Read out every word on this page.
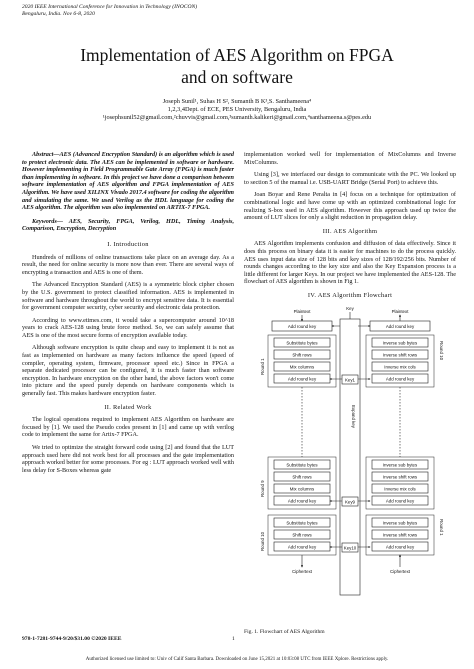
2020 IEEE International Conference for Innovation in Technology (INOCON)
Bengaluru, India. Nov 6-8, 2020
Implementation of AES Algorithm on FPGA
and on software
Joseph Sunil¹, Suhas H S², Sumanth B K³,S. Santhameena⁴
1,2,3,4Dept. of ECE, PES University, Bengaluru, India
¹josephsunil52@gmail.com,²chuvvis@gmail.com,³sumanth.kalikeri@gmail.com,⁴santhameena.s@pes.edu
Abstract—AES (Advanced Encryption Standard) is an algorithm which is used to protect electronic data. The AES can be implemented in software or hardware. However implementing in Field Programmable Gate Array (FPGA) is much faster than implementing in software. In this project we have done a comparison between software implementation of AES algorithm and FPGA implementation of AES Algorithm. We have used XILINX Vivado 2017.4 software for coding the algorithm and simulating the same. We used Verilog as the HDL language for coding the AES algorithm. The algorithm was also implemented on ARTIX-7 FPGA.
Keywords— AES, Security, FPGA, Verilog, HDL, Timing Analysis, Comparison, Encryption, Decryption
I. Introduction

Hundreds of millions of online transactions take place on an average day. As a result, the need for online security is more now than ever. There are several ways of encrypting a transaction and AES is one of them.

The Advanced Encryption Standard (AES) is a symmetric block cipher chosen by the U.S. government to protect classified information. AES is implemented in software and hardware throughout the world to encrypt sensitive data. It is essential for government computer security, cyber security and electronic data protection.

According to www.etimes.com, it would take a supercomputer around 10^18 years to crack AES-128 using brute force method. So, we can safely assume that AES is one of the most secure forms of encryption available today.

Although software encryption is quite cheap and easy to implement it is not as fast as implemented on hardware as many factors influence the speed (speed of compiler, operating system, firmware, processor speed etc.) Since in FPGA a separate dedicated processor can be configured, it is much faster than software encryption. In hardware encryption on the other hand, the above factors won't come into picture and the speed purely depends on hardware components which is generally fast. This makes hardware encryption faster.

II. Related Work

The logical operations required to implement AES Algorithm on hardware are focused by [1]. We used the Pseudo codes present in [1] and came up with verilog code to implement the same for Artix-7 FPGA.

We tried to optimize the straight forward code using [2] and found that the LUT approach used here did not work best for all processes and the gate implementation approach worked better for some processes. For eg : LUT approach worked well with less delay for S-Boxes whereas gate

implementation worked well for implementation of MixColumns and Inverse MixColumns.

Using [3], we interfaced our design to communicate with the PC. We looked up to section 5 of the manual i.e. USB-UART Bridge (Serial Port) to achieve this.

Joan Boyar and Rene Peralta in [4] focus on a technique for optimization of combinational logic and have come up with an optimized combinational logic for realizing S-box used in AES algorithm. However this approach used up twice the amount of LUT slices for only a slight reduction in propagation delay.

III. AES Algorithm

AES Algorithm implements confusion and diffusion of data effectively. Since it does this process on binary data it is easier for machines to do the process quickly. AES uses input data size of 128 bits and key sizes of 128/192/256 bits. Number of rounds changes according to the key size and also the Key Expansion process is a little different for larger Keys. In our project we have implemented the AES-128. The flowchart of AES algorithm is shown in Fig 1.

IV. AES Algorithm Flowchart
Plaintext
Add round key
Round 1
Substitute bytes
Shift rows
Mix columns
Add round key
Round 9
Substitute bytes
Shift rows
Mix columns
Add round key
Round 10
Substitute bytes
Shift rows
Add round key
Ciphertext
Key
Expand key
Key1
Key9
Key10
Plaintext
Add round key
Round 10
Inverse sub bytes
Inverse shift rows
Inverse mix cols
Add round key
Inverse sub bytes
Inverse shift rows
Inverse mix cols
Add round key
Round 1
Inverse sub bytes
Inverse shift rows
Add round key
Ciphertext
Fig. 1. Flowchart of AES Algorithm
978-1-7281-9744-9/20/$31.00 ©2020 IEEE	1
Authorized licensed use limited to: Univ of Calif Santa Barbara. Downloaded on June 15,2021 at 10:03:08 UTC from IEEE Xplore. Restrictions apply.
